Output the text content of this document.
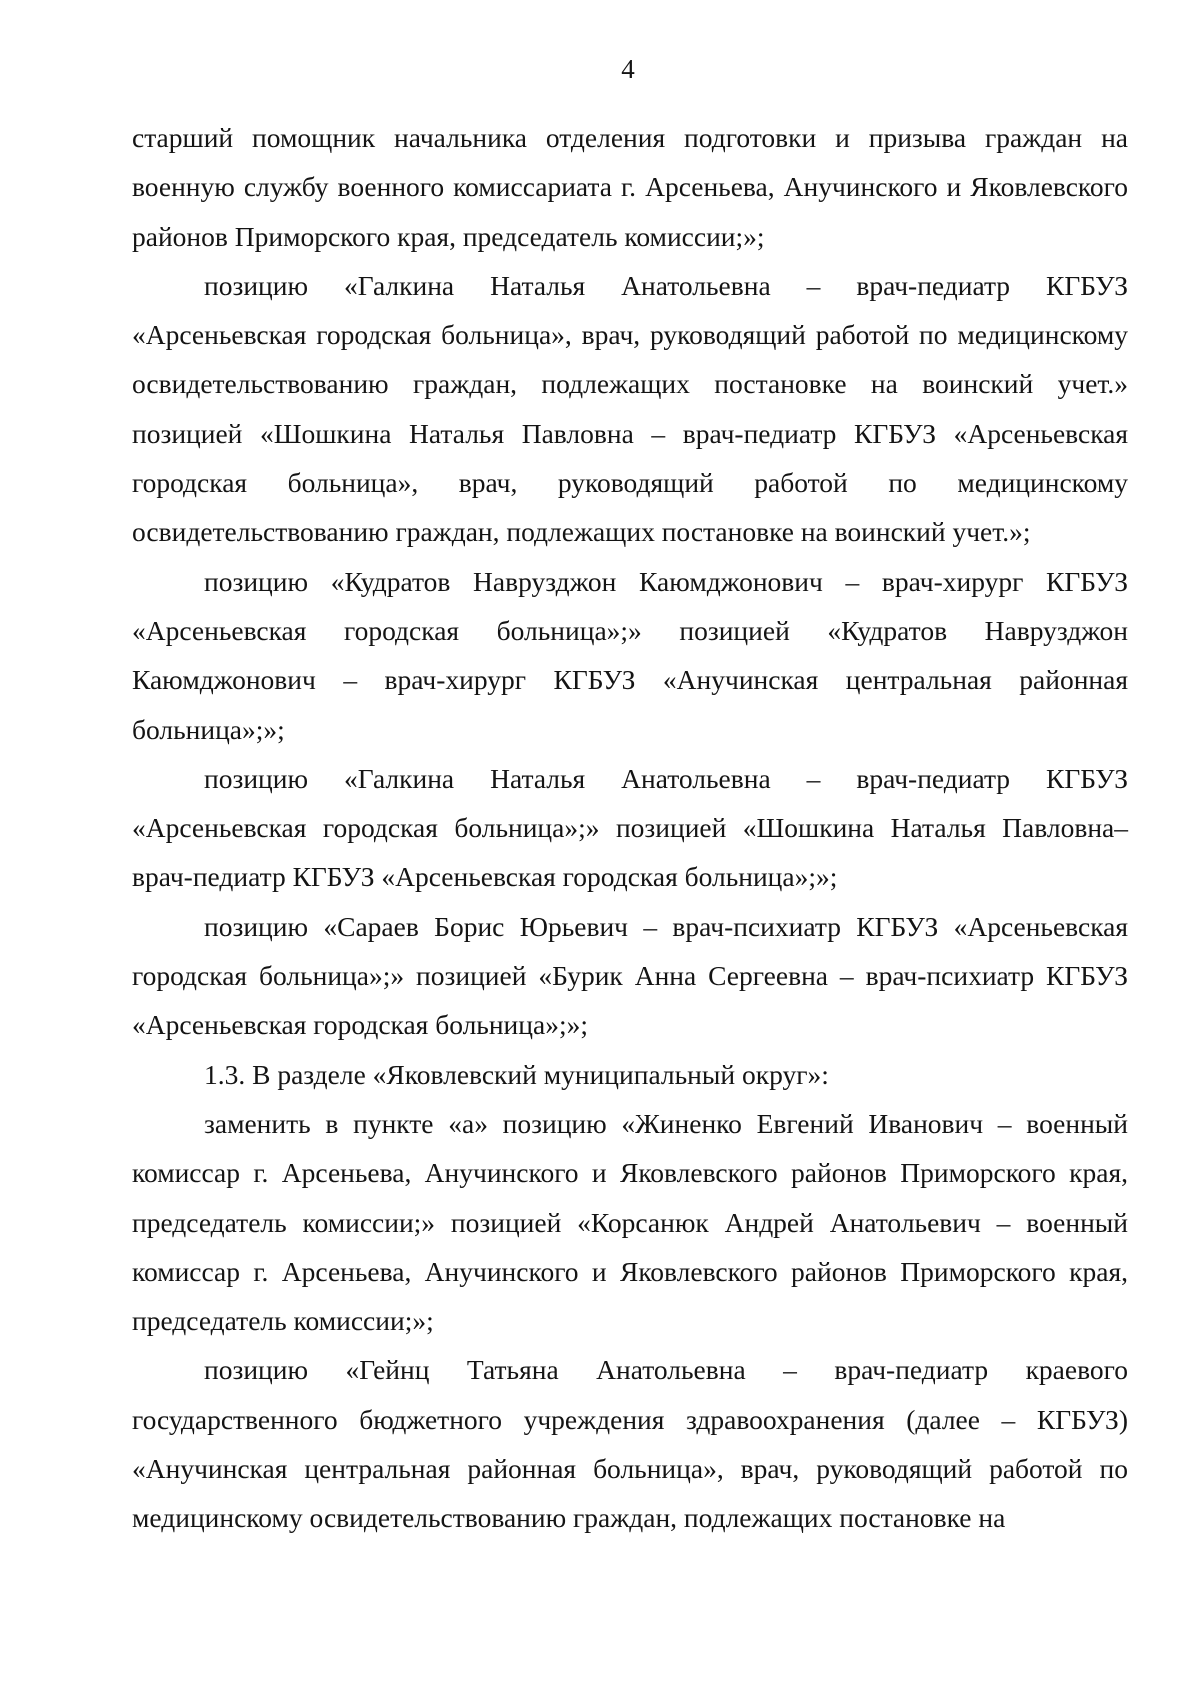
4

старший помощник начальника отделения подготовки и призыва граждан на военную службу военного комиссариата г. Арсеньева, Анучинского и Яковлевского районов Приморского края, председатель комиссии;»;

позицию «Галкина Наталья Анатольевна – врач-педиатр КГБУЗ «Арсеньевская городская больница», врач, руководящий работой по медицинскому освидетельствованию граждан, подлежащих постановке на воинский учет.» позицией «Шошкина Наталья Павловна – врач-педиатр КГБУЗ «Арсеньевская городская больница», врач, руководящий работой по медицинскому освидетельствованию граждан, подлежащих постановке на воинский учет.»;

позицию «Кудратов Наврузджон Каюмджонович – врач-хирург КГБУЗ «Арсеньевская городская больница»;» позицией «Кудратов Наврузджон Каюмджонович – врач-хирург КГБУЗ «Анучинская центральная районная больница»;»;

позицию «Галкина Наталья Анатольевна – врач-педиатр КГБУЗ «Арсеньевская городская больница»;» позицией «Шошкина Наталья Павловна– врач-педиатр КГБУЗ «Арсеньевская городская больница»;»;

позицию «Сараев Борис Юрьевич – врач-психиатр КГБУЗ «Арсеньевская городская больница»;» позицией «Бурик Анна Сергеевна – врач-психиатр КГБУЗ «Арсеньевская городская больница»;»;

1.3. В разделе «Яковлевский муниципальный округ»:

заменить в пункте «а» позицию «Жиненко Евгений Иванович – военный комиссар г. Арсеньева, Анучинского и Яковлевского районов Приморского края, председатель комиссии;» позицией «Корсанюк Андрей Анатольевич – военный комиссар г. Арсеньева, Анучинского и Яковлевского районов Приморского края, председатель комиссии;»;

позицию «Гейнц Татьяна Анатольевна – врач-педиатр краевого государственного бюджетного учреждения здравоохранения (далее – КГБУЗ) «Анучинская центральная районная больница», врач, руководящий работой по медицинскому освидетельствованию граждан, подлежащих постановке на
